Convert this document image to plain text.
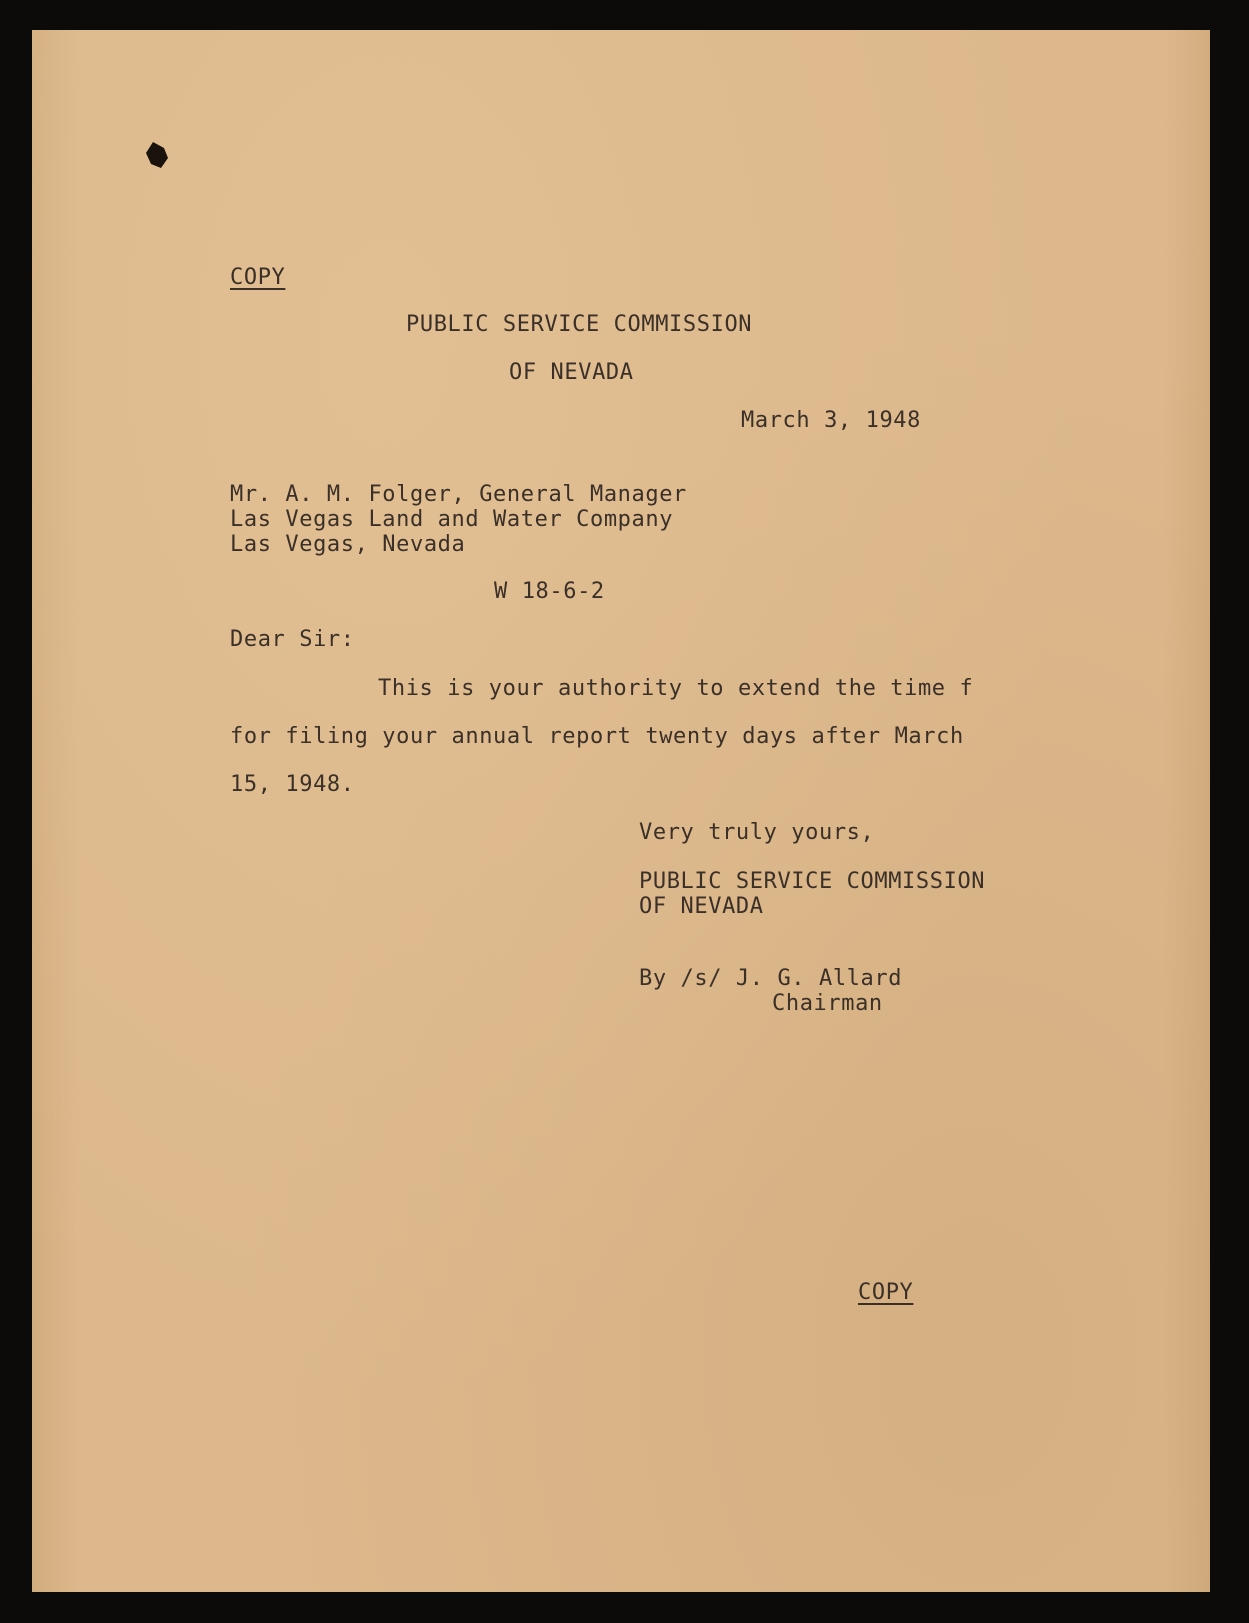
COPY

PUBLIC SERVICE COMMISSION

OF NEVADA

March 3, 1948

Mr. A. M. Folger, General Manager

Las Vegas Land and Water Company

Las Vegas, Nevada

W 18-6-2

Dear Sir:

This is your authority to extend the time f

for filing your annual report twenty days after March

15, 1948.

Very truly yours,

PUBLIC SERVICE COMMISSION

OF NEVADA

By /s/ J. G. Allard

Chairman

COPY
